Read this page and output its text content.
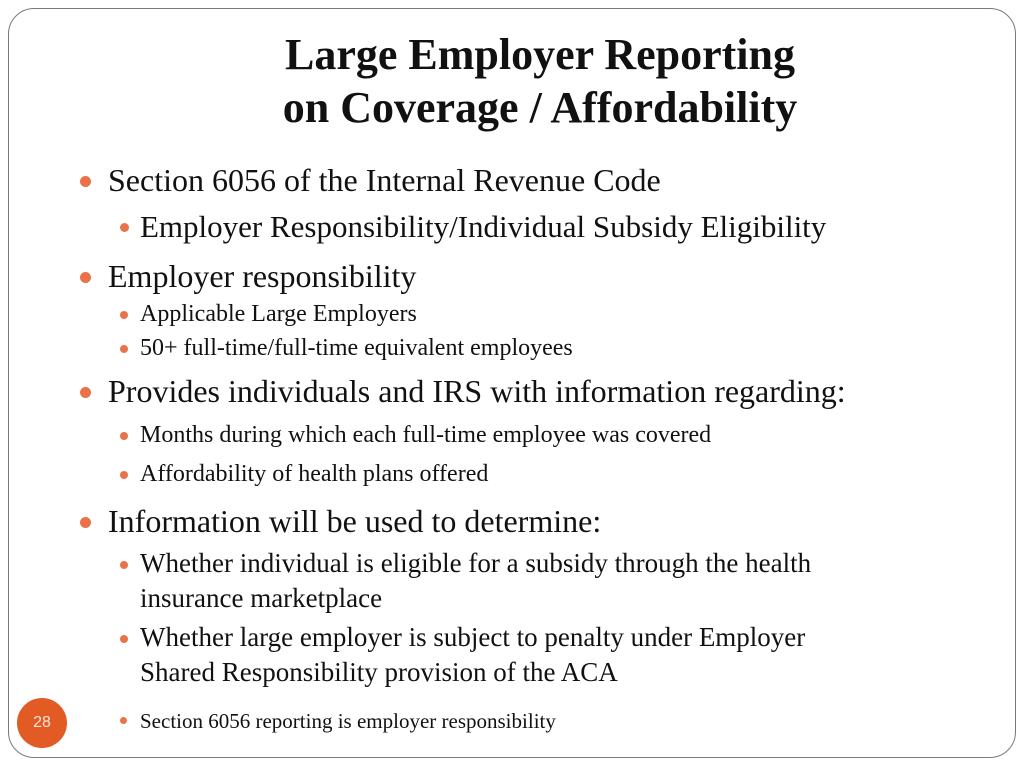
Large Employer Reporting
on Coverage / Affordability
Section 6056 of the Internal Revenue Code
Employer Responsibility/Individual Subsidy Eligibility
Employer responsibility
Applicable Large Employers
50+ full-time/full-time equivalent employees
Provides individuals and IRS with information regarding:
Months during which each full-time employee was covered
Affordability of health plans offered
Information will be used to determine:
Whether individual is eligible for a subsidy through the health
insurance marketplace
Whether large employer is subject to penalty under Employer
Shared Responsibility provision of the ACA
Section 6056 reporting is employer responsibility
28
